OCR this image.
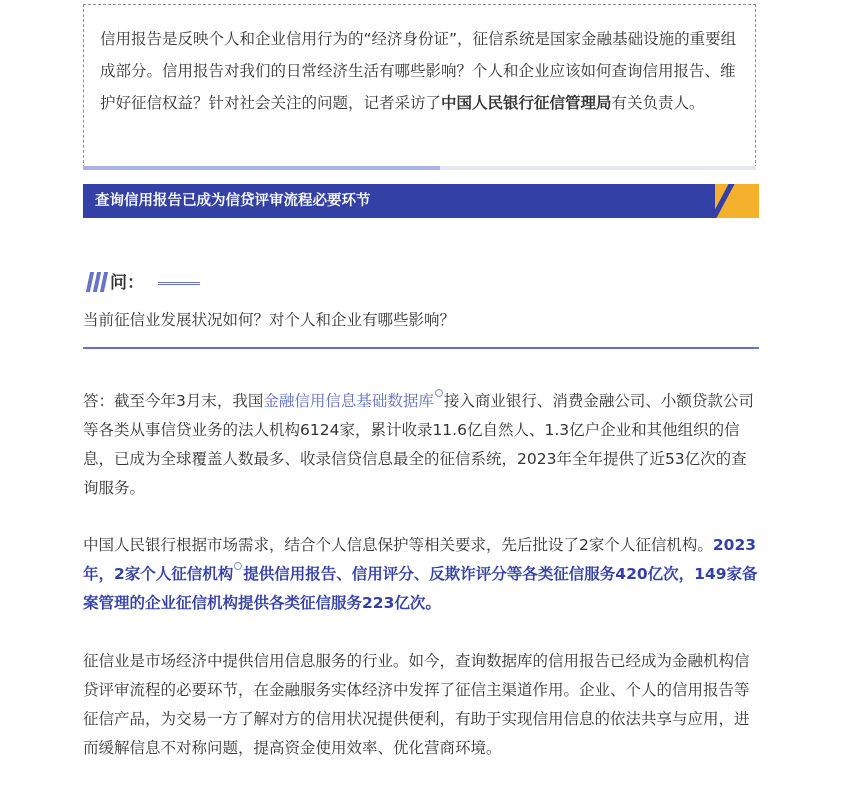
信用报告是反映个人和企业信用行为的“经济身份证”，征信系统是国家金融基础设施的重要组成部分。信用报告对我们的日常经济生活有哪些影响？个人和企业应该如何查询信用报告、维护好征信权益？针对社会关注的问题，记者采访了中国人民银行征信管理局有关负责人。

查询信用报告已成为信贷评审流程必要环节
问：
当前征信业发展状况如何？对个人和企业有哪些影响？

答：截至今年3月末，我国金融信用信息基础数据库 接入商业银行、消费金融公司、小额贷款公司等各类从事信贷业务的法人机构6124家，累计收录11.6亿自然人、1.3亿户企业和其他组织的信息，已成为全球覆盖人数最多、收录信贷信息最全的征信系统，2023年全年提供了近53亿次的查询服务。

中国人民银行根据市场需求，结合个人信息保护等相关要求，先后批设了2家个人征信机构。2023年，2家个人征信机构 提供信用报告、信用评分、反欺诈评分等各类征信服务420亿次，149家备案管理的企业征信机构提供各类征信服务223亿次。

征信业是市场经济中提供信用信息服务的行业。如今，查询数据库的信用报告已经成为金融机构信贷评审流程的必要环节，在金融服务实体经济中发挥了征信主渠道作用。企业、个人的信用报告等征信产品，为交易一方了解对方的信用状况提供便利，有助于实现信用信息的依法共享与应用，进而缓解信息不对称问题，提高资金使用效率、优化营商环境。
